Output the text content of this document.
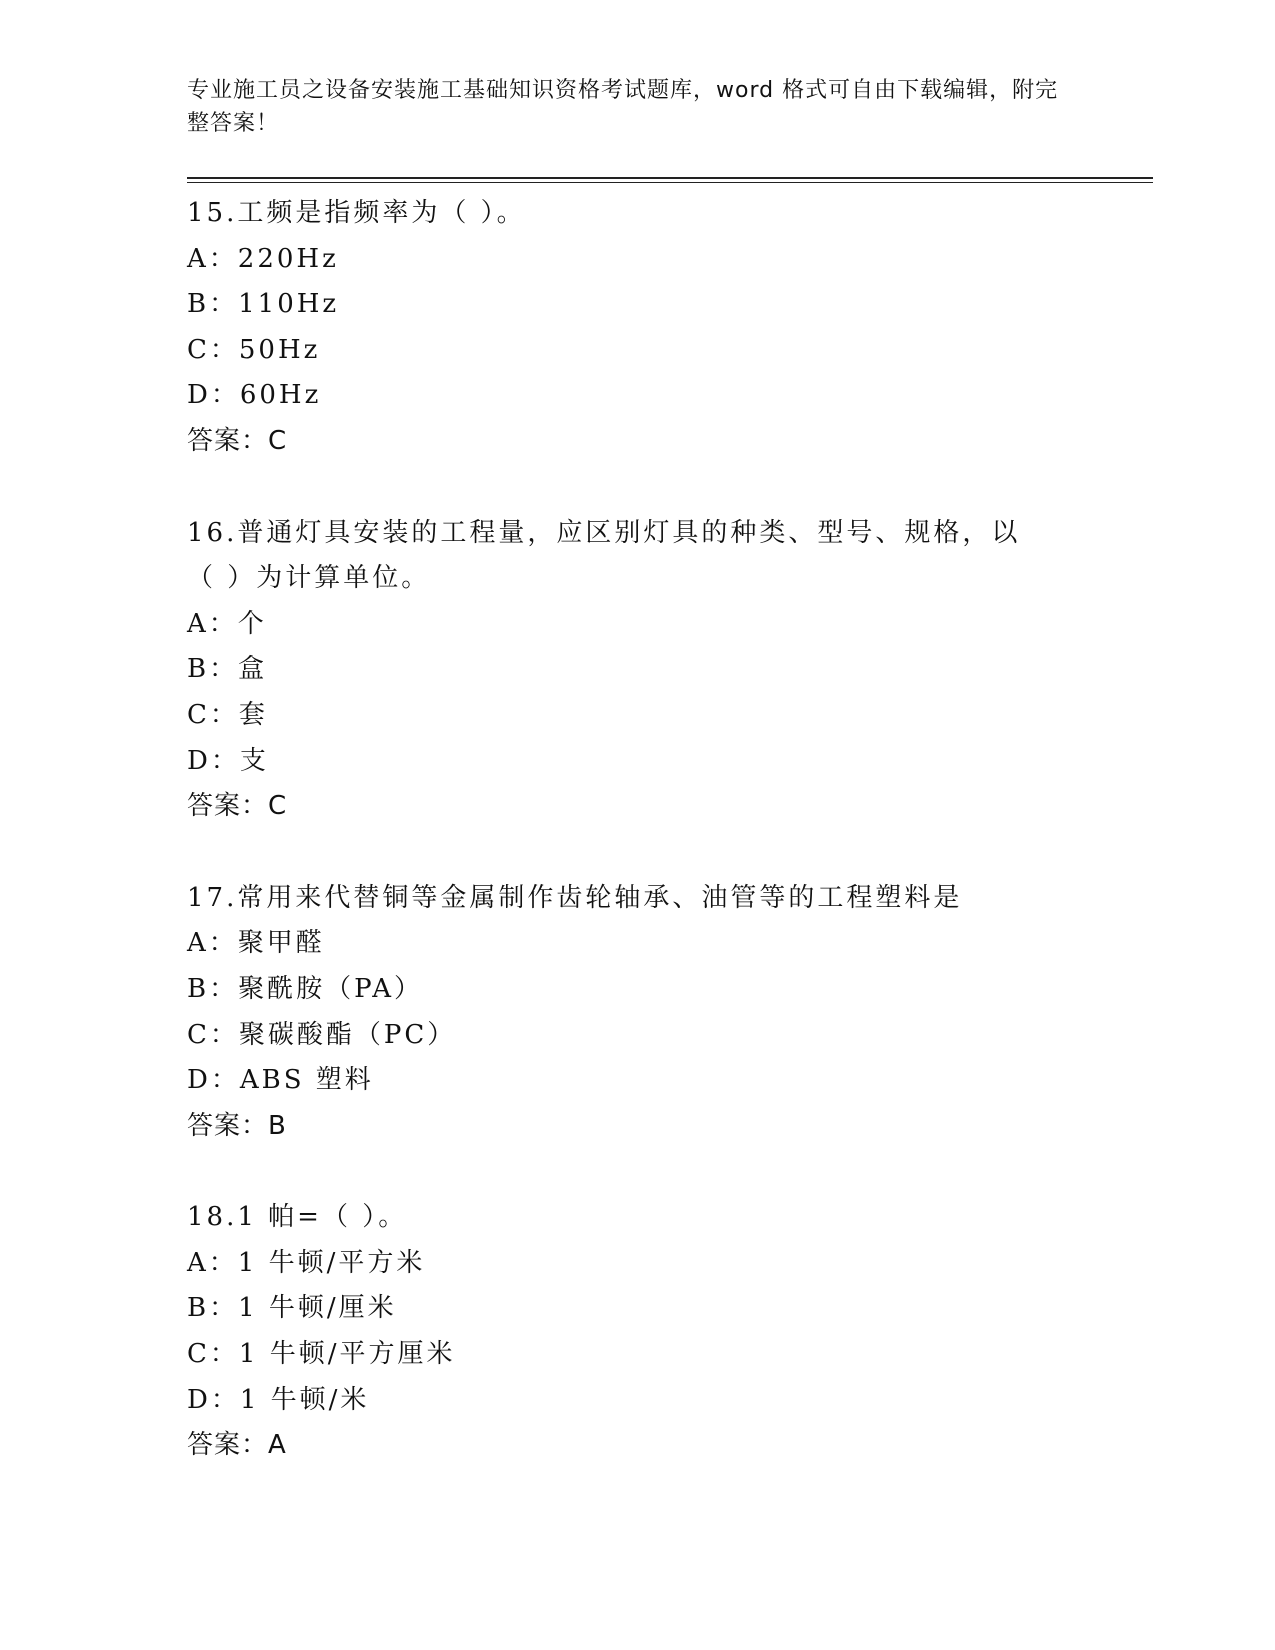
专业施工员之设备安装施工基础知识资格考试题库，word 格式可自由下载编辑，附完整答案！
15.工频是指频率为（ ）。
A：220Hz
B：110Hz
C：50Hz
D：60Hz
答案：C
16.普通灯具安装的工程量，应区别灯具的种类、型号、规格，以（ ）为计算单位。
A：个
B：盒
C：套
D：支
答案：C
17.常用来代替铜等金属制作齿轮轴承、油管等的工程塑料是
A：聚甲醛
B：聚酰胺（PA）
C：聚碳酸酯（PC）
D：ABS 塑料
答案：B
18.1 帕=（ ）。
A：1 牛顿/平方米
B：1 牛顿/厘米
C：1 牛顿/平方厘米
D：1 牛顿/米
答案：A
